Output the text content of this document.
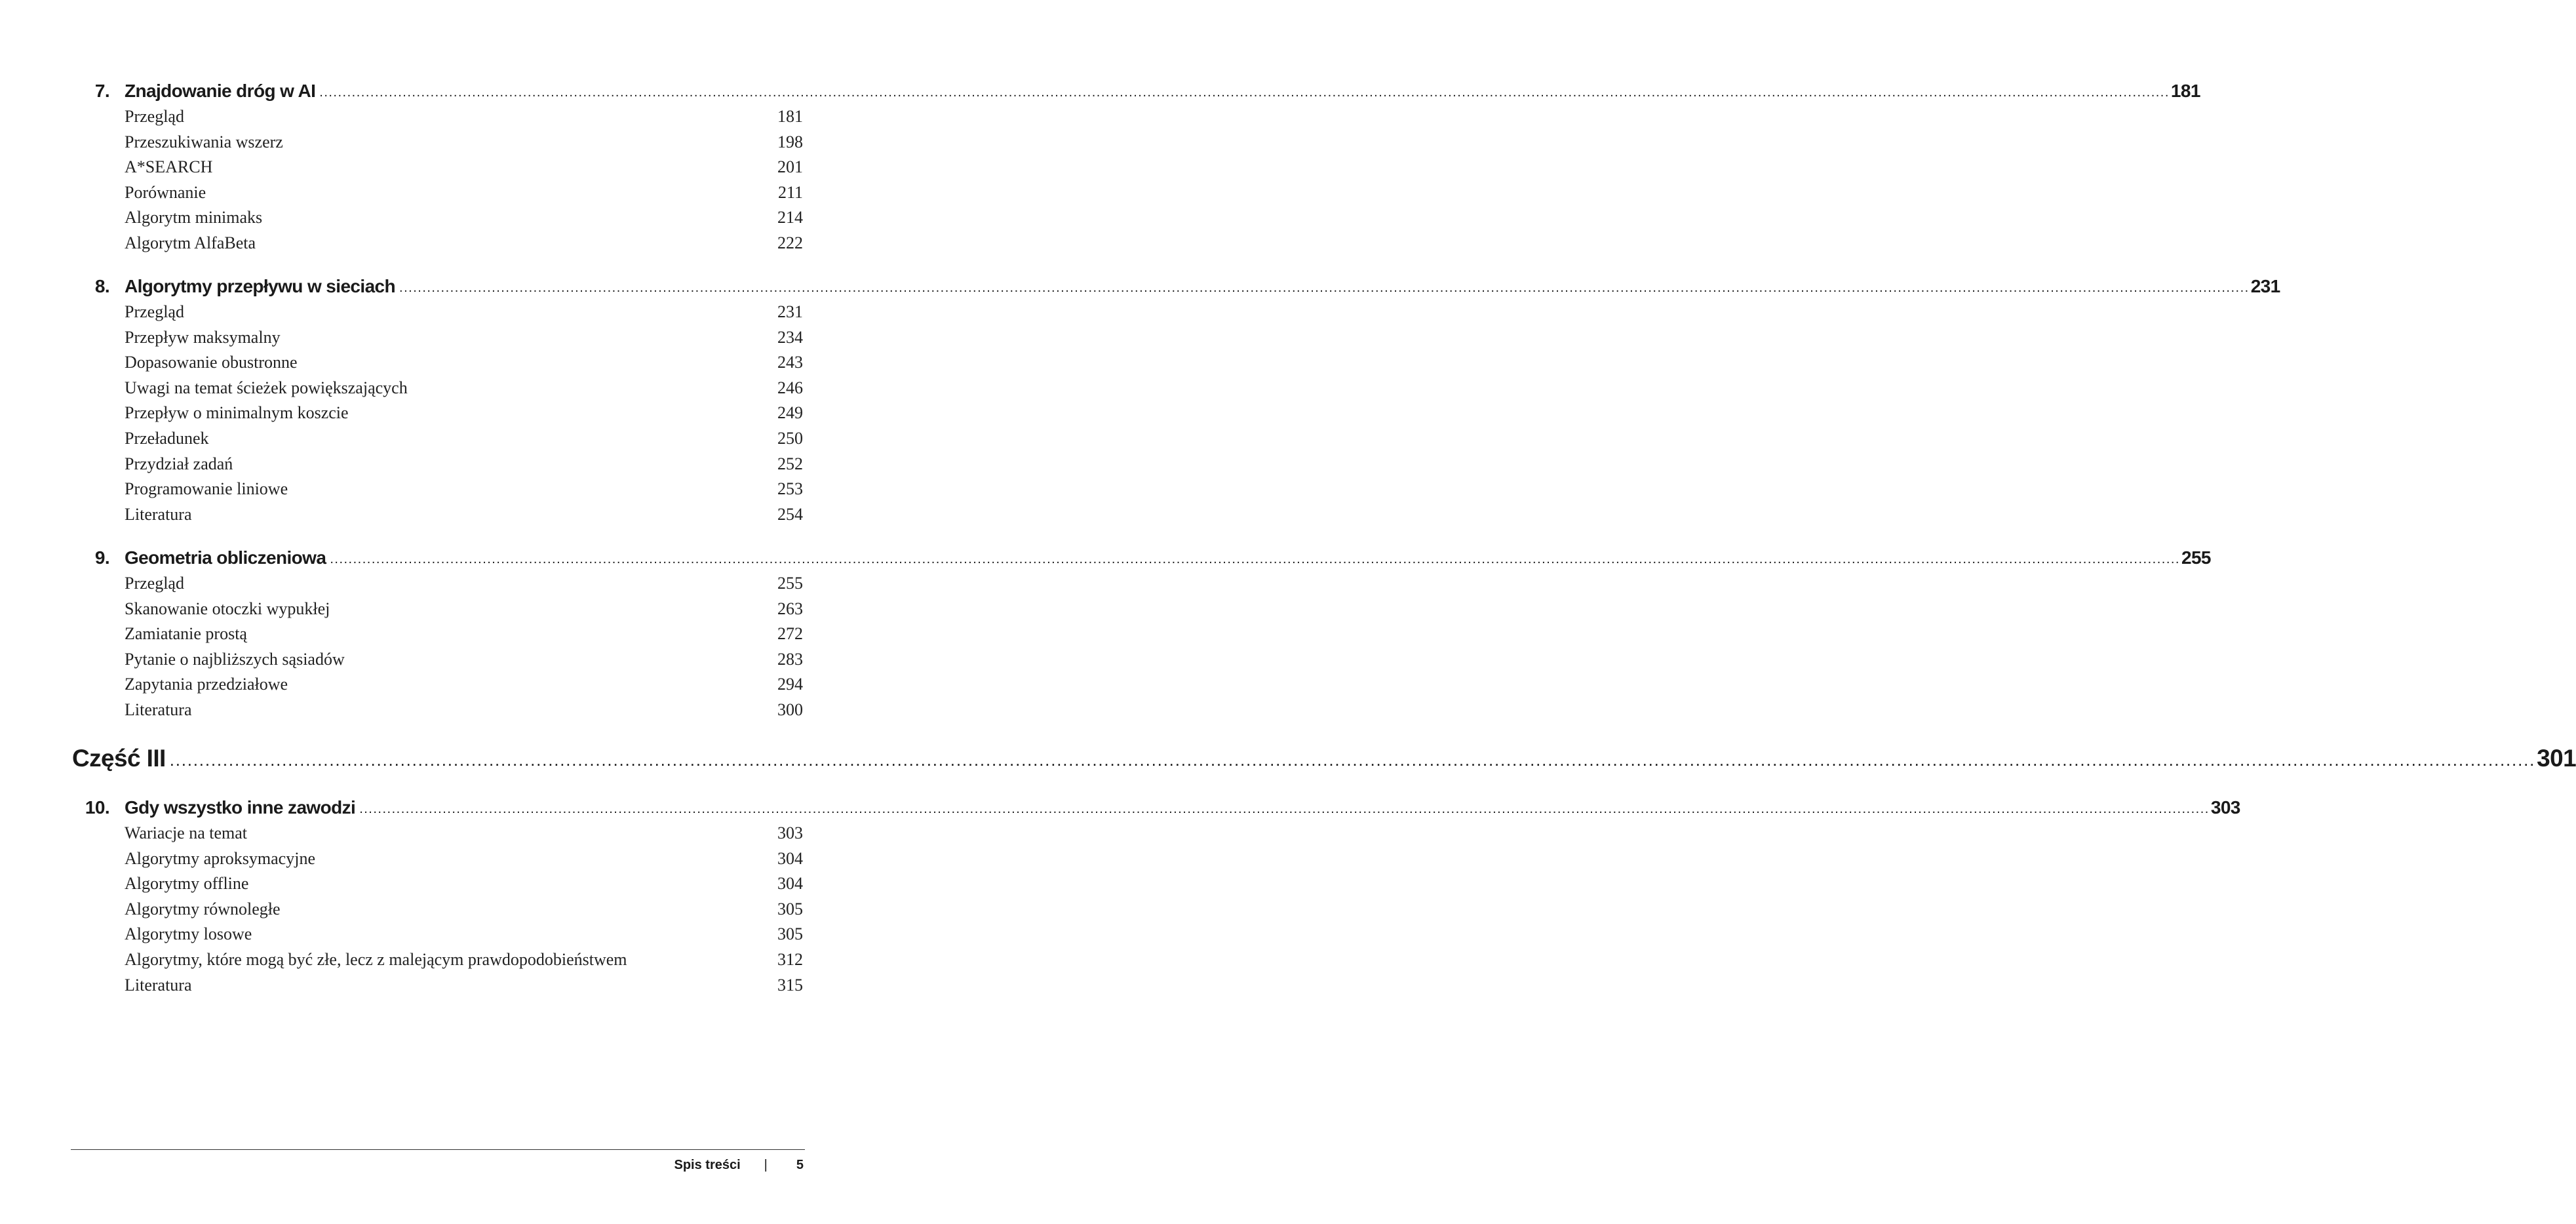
7. Znajdowanie dróg w AI ................................................................................................................................................................................................................................................................................................................................................................................................................ 181
Przegląd	181
Przeszukiwania wszerz	198
A*SEARCH	201
Porównanie	211
Algorytm minimaks	214
Algorytm AlfaBeta	222
8. Algorytmy przepływu w sieciach ................................................................................................................................................................................................................................................................................................................................................................................................................ 231
Przegląd	231
Przepływ maksymalny	234
Dopasowanie obustronne	243
Uwagi na temat ścieżek powiększających	246
Przepływ o minimalnym koszcie	249
Przeładunek	250
Przydział zadań	252
Programowanie liniowe	253
Literatura	254
9. Geometria obliczeniowa ................................................................................................................................................................................................................................................................................................................................................................................................................ 255
Przegląd	255
Skanowanie otoczki wypukłej	263
Zamiatanie prostą	272
Pytanie o najbliższych sąsiadów	283
Zapytania przedziałowe	294
Literatura	300
Część III ................................................................................................................................................................................................................................................................................................................................................................................................................ 301
10. Gdy wszystko inne zawodzi ................................................................................................................................................................................................................................................................................................................................................................................................................ 303
Wariacje na temat	303
Algorytmy aproksymacyjne	304
Algorytmy offline	304
Algorytmy równoległe	305
Algorytmy losowe	305
Algorytmy, które mogą być złe, lecz z malejącym prawdopodobieństwem	312
Literatura	315
Spis treści | 5
